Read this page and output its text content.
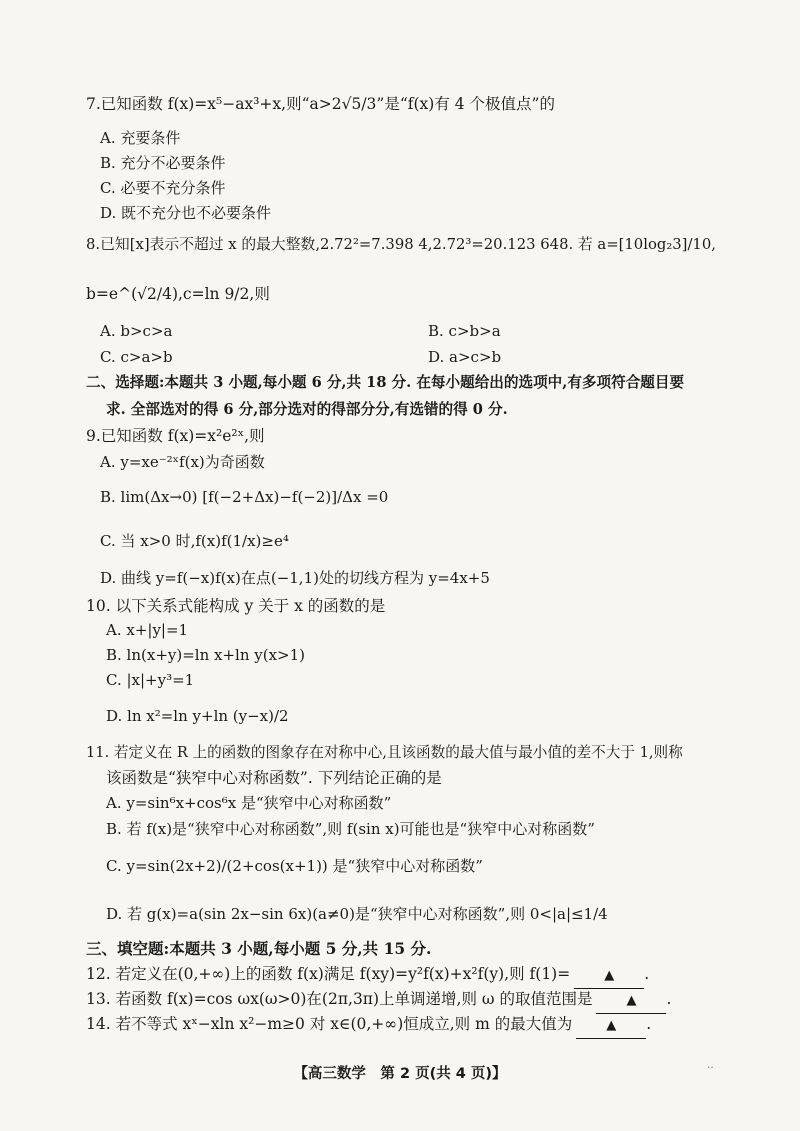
7.已知函数 f(x)=x⁵−ax³+x,则“a>2√5/3”是“f(x)有 4 个极值点”的
A. 充要条件
B. 充分不必要条件
C. 必要不充分条件
D. 既不充分也不必要条件
8.已知[x]表示不超过 x 的最大整数,2.72²=7.398 4,2.72³=20.123 648. 若 a=[10log₂3]/10,
b=e^(√2/4),c=ln 9/2,则
A. b>c>a	B. c>b>a
C. c>a>b	D. a>c>b
二、选择题:本题共 3 小题,每小题 6 分,共 18 分. 在每小题给出的选项中,有多项符合题目要
求. 全部选对的得 6 分,部分选对的得部分分,有选错的得 0 分.
9.已知函数 f(x)=x²e²ˣ,则
A. y=xe⁻²ˣf(x)为奇函数
B. lim(Δx→0) [f(−2+Δx)−f(−2)]/Δx =0
C. 当 x>0 时,f(x)f(1/x)≥e⁴
D. 曲线 y=f(−x)f(x)在点(−1,1)处的切线方程为 y=4x+5
10. 以下关系式能构成 y 关于 x 的函数的是
A. x+|y|=1
B. ln(x+y)=ln x+ln y(x>1)
C. |x|+y³=1
D. ln x²=ln y+ln (y−x)/2
11. 若定义在 R 上的函数的图象存在对称中心,且该函数的最大值与最小值的差不大于 1,则称
该函数是“狭窄中心对称函数”. 下列结论正确的是
A. y=sin⁶x+cos⁶x 是“狭窄中心对称函数”
B. 若 f(x)是“狭窄中心对称函数”,则 f(sin x)可能也是“狭窄中心对称函数”
C. y=sin(2x+2)/(2+cos(x+1)) 是“狭窄中心对称函数”
D. 若 g(x)=a(sin 2x−sin 6x)(a≠0)是“狭窄中心对称函数”,则 0<|a|≤1/4
三、填空题:本题共 3 小题,每小题 5 分,共 15 分.
12. 若定义在(0,+∞)上的函数 f(x)满足 f(xy)=y²f(x)+x²f(y),则 f(1)=	▲ .
13. 若函数 f(x)=cos ωx(ω>0)在(2π,3π)上单调递增,则 ω 的取值范围是	▲ .
14. 若不等式 xˣ−xln x²−m≥0 对 x∈(0,+∞)恒成立,则 m 的最大值为	▲ .
【高三数学　第 2 页(共 4 页)】
‥
